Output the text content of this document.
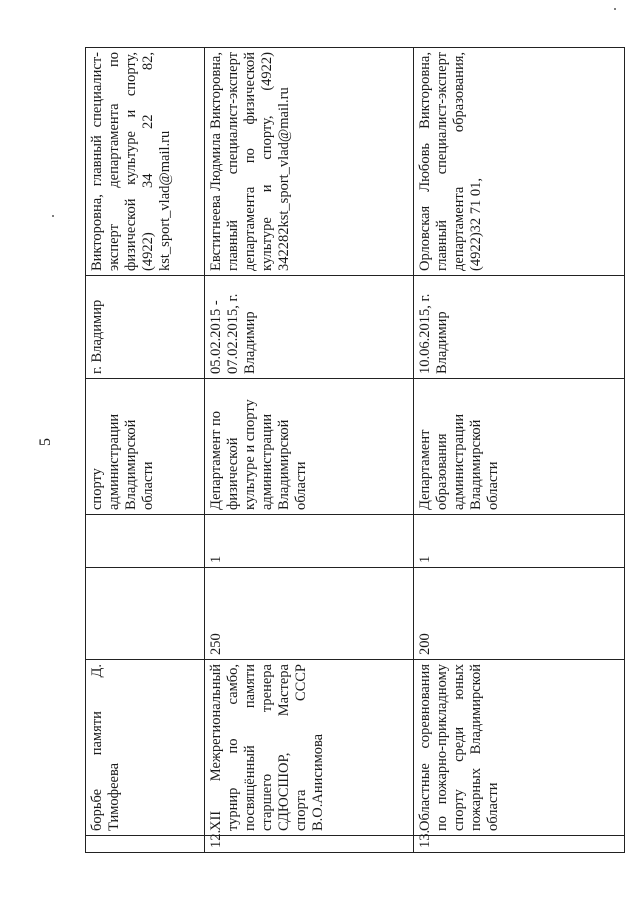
5
	борьбе памяти Д. Тимофеева			спорту администрации Владимирской области	г. Владимир	Викторовна, главный специалист-эксперт департамента по физической культуре и спорту, (4922) 34 22 82, kst_sport_vlad@mail.ru
12.	XII Межрегиональный турнир по самбо, посвящённый памяти старшего тренера СДЮСШОР, Мастера спорта СССР В.О.Анисимова	250	1	Департамент по физической культуре и спорту администрации Владимирской области	05.02.2015 - 07.02.2015, г. Владимир	Евстигнеева Людмила Викторовна, главный специалист-эксперт департамента по физической культуре и спорту, (4922) 342282kst_sport_vlad@mail.ru
13.	Областные соревнования по пожарно-прикладному спорту среди юных пожарных Владимирской области	200	1	Департамент образования администрации Владимирской области	10.06.2015, г. Владимир	Орловская Любовь Викторовна, главный специалист-эксперт департамента образования, (4922)32 71 01,
